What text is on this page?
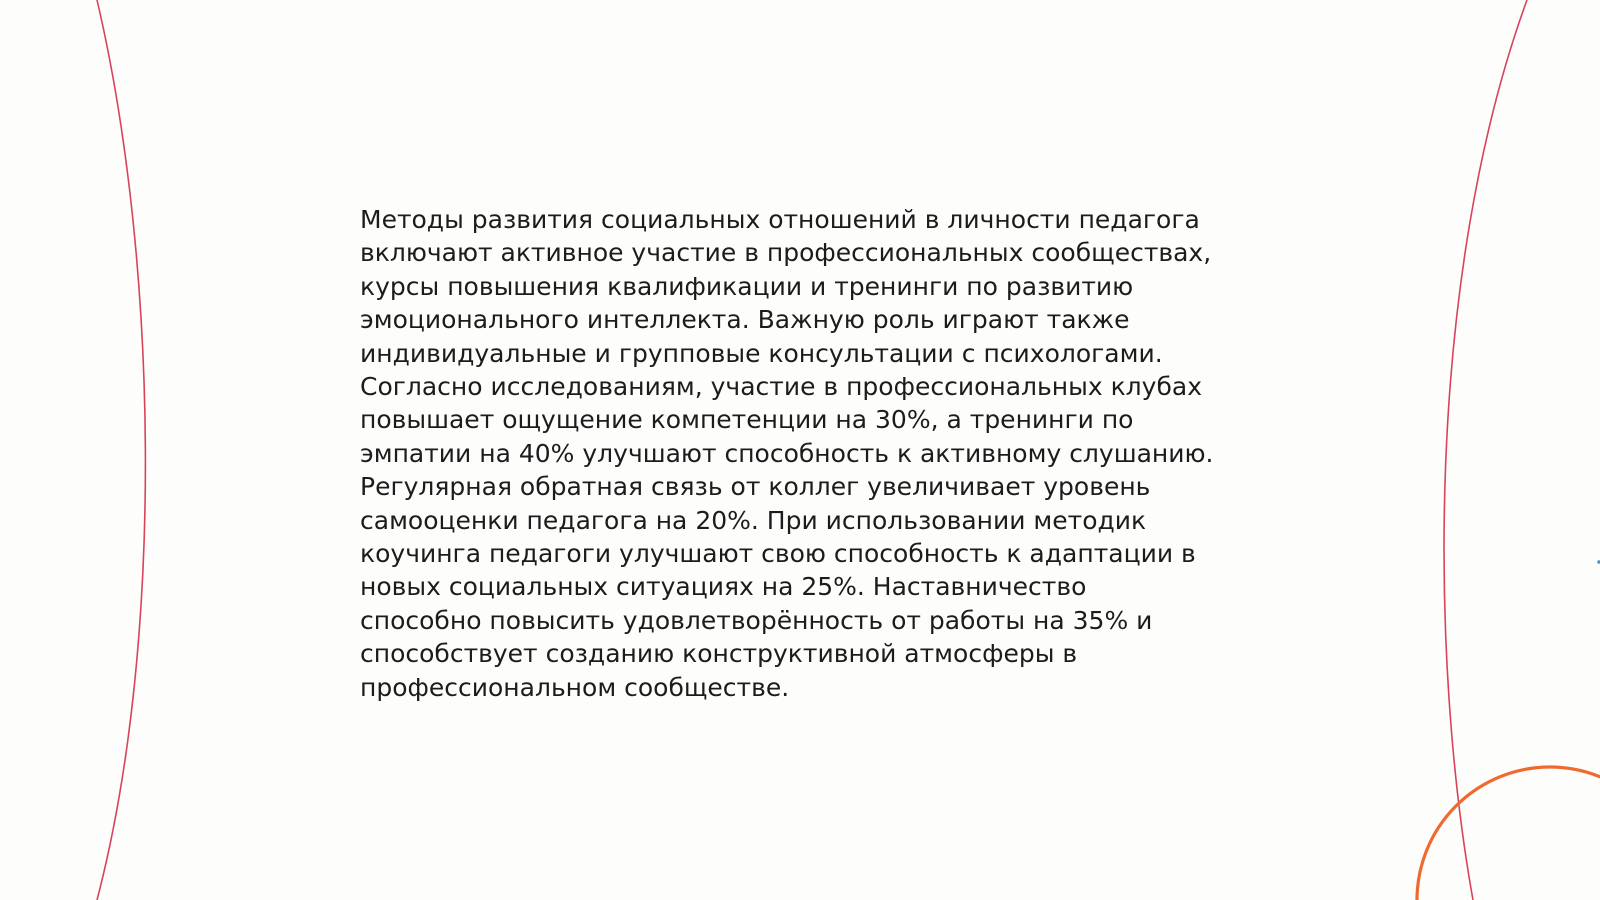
Методы развития социальных отношений в личности педагога
включают активное участие в профессиональных сообществах,
курсы повышения квалификации и тренинги по развитию
эмоционального интеллекта. Важную роль играют также
индивидуальные и групповые консультации с психологами.
Согласно исследованиям, участие в профессиональных клубах
повышает ощущение компетенции на 30%, а тренинги по
эмпатии на 40% улучшают способность к активному слушанию.
Регулярная обратная связь от коллег увеличивает уровень
самооценки педагога на 20%. При использовании методик
коучинга педагоги улучшают свою способность к адаптации в
новых социальных ситуациях на 25%. Наставничество
способно повысить удовлетворённость от работы на 35% и
способствует созданию конструктивной атмосферы в
профессиональном сообществе.
